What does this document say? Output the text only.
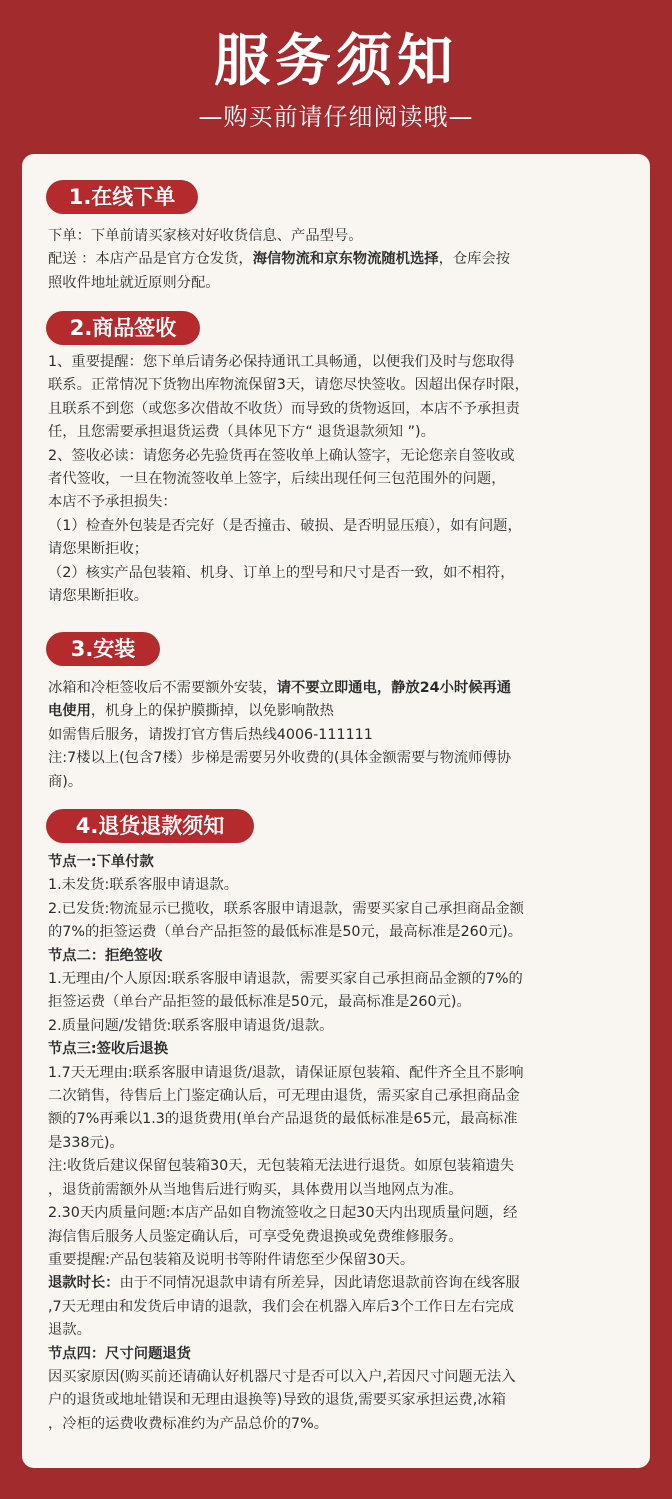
服务须知
—购买前请仔细阅读哦—
1.在线下单

下单：下单前请买家核对好收货信息、产品型号。

配送 ：本店产品是官方仓发货，海信物流和京东物流随机选择，仓库会按

照收件地址就近原则分配。

2.商品签收

1、重要提醒：您下单后请务必保持通讯工具畅通，以便我们及时与您取得

联系。正常情况下货物出库物流保留3天，请您尽快签收。因超出保存时限，

且联系不到您（或您多次借故不收货）而导致的货物返回，本店不予承担责

任，且您需要承担退货运费（具体见下方“ 退货退款须知 ”)。

2、签收必读：请您务必先验货再在签收单上确认签字，无论您亲自签收或

者代签收，一旦在物流签收单上签字，后续出现任何三包范围外的问题，

本店不予承担损失：

（1）检查外包装是否完好（是否撞击、破损、是否明显压痕），如有问题，

请您果断拒收；

（2）核实产品包装箱、机身、订单上的型号和尺寸是否一致，如不相符，

请您果断拒收。

3.安装

冰箱和冷柜签收后不需要额外安装，请不要立即通电，静放24小时候再通

电使用，机身上的保护膜撕掉，以免影响散热

如需售后服务，请拨打官方售后热线4006-111111

注:7楼以上(包含7楼）步梯是需要另外收费的(具体金额需要与物流师傅协

商)。

4.退货退款须知

节点一:下单付款

1.未发货:联系客服申请退款。

2.已发货:物流显示已揽收，联系客服申请退款，需要买家自己承担商品金额

的7%的拒签运费（单台产品拒签的最低标准是50元，最高标准是260元)。

节点二：拒绝签收

1.无理由/个人原因:联系客服申请退款，需要买家自己承担商品金额的7%的

拒签运费（单台产品拒签的最低标准是50元，最高标准是260元)。

2.质量问题/发错货:联系客服申请退货/退款。

节点三:签收后退换

1.7天无理由:联系客服申请退货/退款，请保证原包装箱、配件齐全且不影响

二次销售，待售后上门鉴定确认后，可无理由退货，需买家自己承担商品金

额的7%再乘以1.3的退货费用(单台产品退货的最低标准是65元，最高标准

是338元)。

注:收货后建议保留包装箱30天，无包装箱无法进行退货。如原包装箱遗失

，退货前需额外从当地售后进行购买，具体费用以当地网点为准。

2.30天内质量问题:本店产品如自物流签收之日起30天内出现质量问题，经

海信售后服务人员鉴定确认后，可享受免费退换或免费维修服务。

重要提醒:产品包装箱及说明书等附件请您至少保留30天。

退款时长：由于不同情况退款申请有所差异，因此请您退款前咨询在线客服

,7天无理由和发货后申请的退款，我们会在机器入库后3个工作日左右完成

退款。

节点四：尺寸问题退货

因买家原因(购买前还请确认好机器尺寸是否可以入户,若因尺寸问题无法入

户的退货或地址错误和无理由退换等)导致的退货,需要买家承担运费,冰箱

，冷柜的运费收费标准约为产品总价的7%。
